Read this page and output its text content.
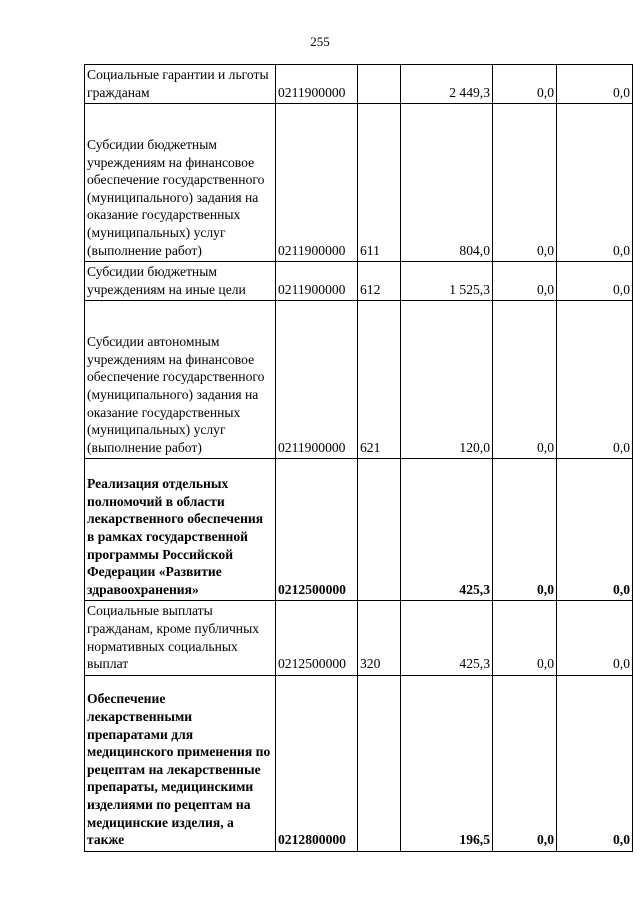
255
Социальные гарантии и льготы гражданам	0211900000		2 449,3	0,0	0,0

Субсидии бюджетным учреждениям на финансовое обеспечение государственного (муниципального) задания на оказание государственных (муниципальных) услуг (выполнение работ)	0211900000	611	804,0	0,0	0,0

Субсидии бюджетным учреждениям на иные цели	0211900000	612	1 525,3	0,0	0,0

Субсидии автономным учреждениям на финансовое обеспечение государственного (муниципального) задания на оказание государственных (муниципальных) услуг (выполнение работ)	0211900000	621	120,0	0,0	0,0

Реализация отдельных полномочий в области лекарственного обеспечения в рамках государственной программы Российской Федерации «Развитие здравоохранения»	0212500000		425,3	0,0	0,0

Социальные выплаты гражданам, кроме публичных нормативных социальных выплат	0212500000	320	425,3	0,0	0,0

Обеспечение лекарственными препаратами для медицинского применения по рецептам на лекарственные препараты, медицинскими изделиями по рецептам на медицинские изделия, а также	0212800000		196,5	0,0	0,0
